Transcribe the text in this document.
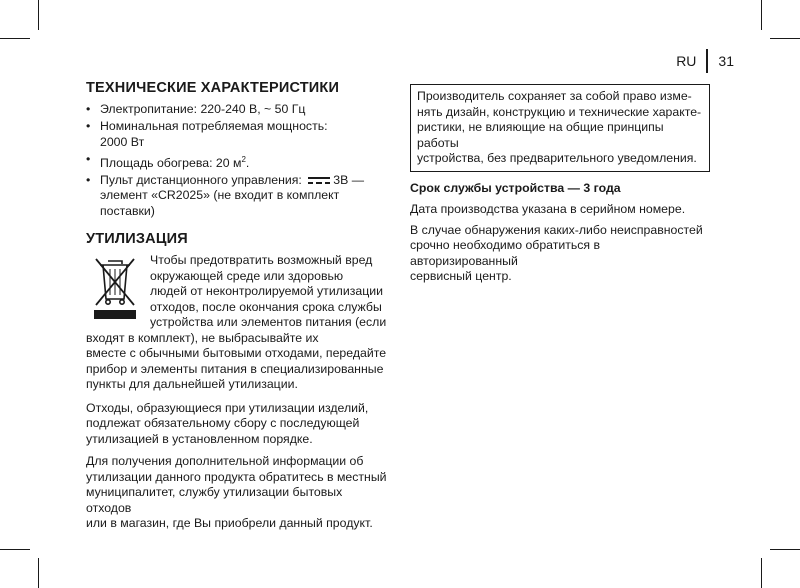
RU	31
ТЕХНИЧЕСКИЕ ХАРАКТЕРИСТИКИ
• Электропитание: 220-240 В, ~ 50 Гц
• Номинальная потребляемая мощность:
2000 Вт
• Площадь обогрева: 20 $м^2$.
• Пульт дистанционного управления:	3В —
элемент «CR2025» (не входит в комплект
поставки)
УТИЛИЗАЦИЯ

Чтобы предотвратить возможный вред
окружающей среде или здоровью
людей от неконтролируемой утилизации
отходов, после окончания срока службы
устройства или элементов питания (если
входят в комплект), не выбрасывайте их
вместе с обычными бытовыми отходами, передайте
прибор и элементы питания в специализированные
пункты для дальнейшей утилизации.

Отходы, образующиеся при утилизации изделий,
подлежат обязательному сбору с последующей
утилизацией в установленном порядке.

Для получения дополнительной информации об
утилизации данного продукта обратитесь в местный
муниципалитет, службу утилизации бытовых отходов
или в магазин, где Вы приобрели данный продукт.

Производитель сохраняет за собой право изме-
нять дизайн, конструкцию и технические характе-
ристики, не влияющие на общие принципы работы
устройства, без предварительного уведомления.

Срок службы устройства — 3 года

Дата производства указана в серийном номере.

В случае обнаружения каких-либо неисправностей
срочно необходимо обратиться в авторизированный
сервисный центр.
